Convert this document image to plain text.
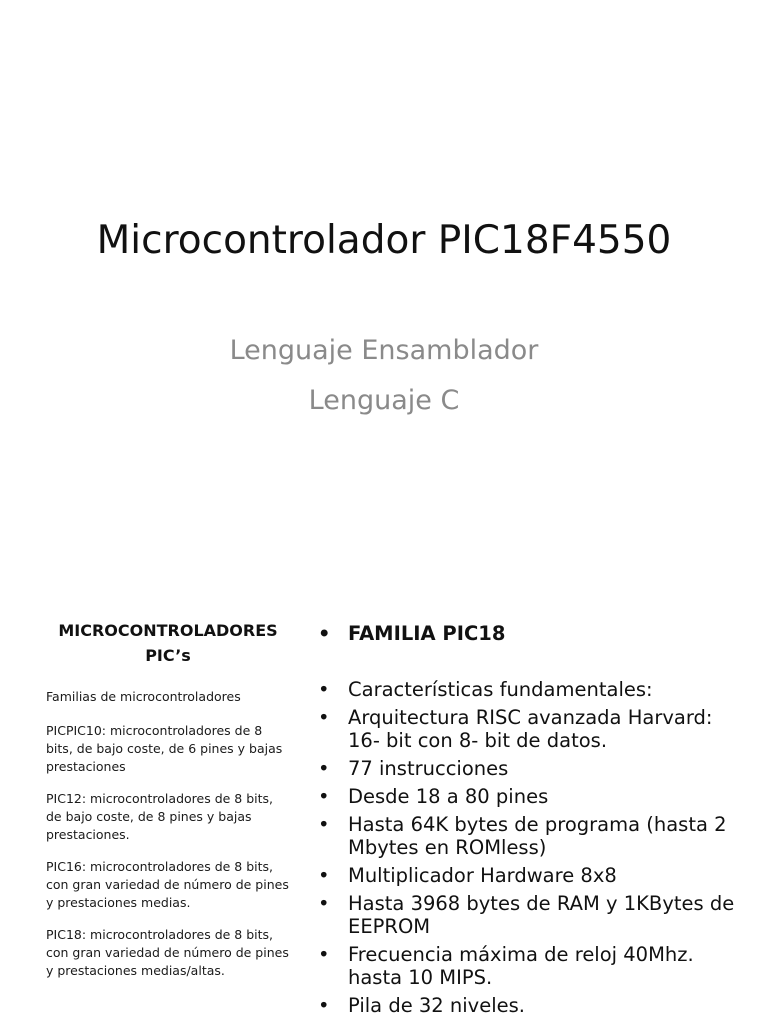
Microcontrolador PIC18F4550
Lenguaje Ensamblador
Lenguaje C
MICROCONTROLADORES PIC’s

Familias de microcontroladores

PICPIC10: microcontroladores de 8 bits, de bajo coste, de 6 pines y bajas prestaciones

PIC12: microcontroladores de 8 bits, de bajo coste, de 8 pines y bajas prestaciones.

PIC16: microcontroladores de 8 bits, con gran variedad de número de pines y prestaciones medias.

PIC18: microcontroladores de 8 bits, con gran variedad de número de pines y prestaciones medias/altas.

• FAMILIA PIC18
• Características fundamentales:
• Arquitectura RISC avanzada Harvard: 16- bit con 8- bit de datos.
• 77 instrucciones
• Desde 18 a 80 pines
• Hasta 64K bytes de programa (hasta 2 Mbytes en ROMless)
• Multiplicador Hardware 8x8
• Hasta 3968 bytes de RAM y 1KBytes de EEPROM
• Frecuencia máxima de reloj 40Mhz. hasta 10 MIPS.
• Pila de 32 niveles.
